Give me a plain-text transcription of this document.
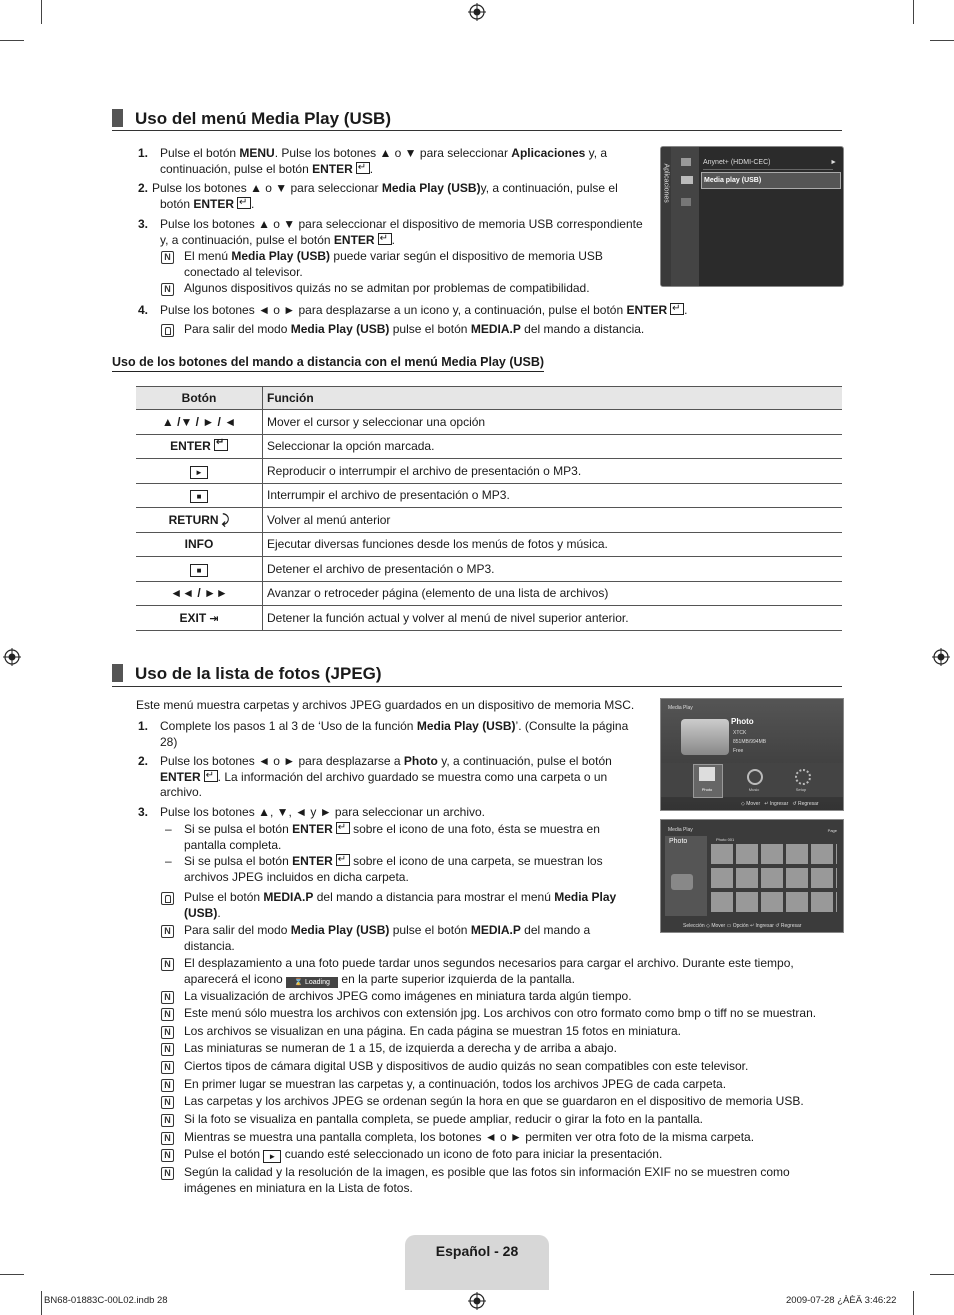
Uso del menú Media Play (USB)
1. Pulse el botón MENU. Pulse los botones ▲ o ▼ para seleccionar Aplicaciones y, a
continuación, pulse el botón ENTER ↵ .
2. Pulse los botones ▲ o ▼ para seleccionar Media Play (USB)y, a continuación, pulse el
botón ENTER ↵ .
3. Pulse los botones ▲ o ▼ para seleccionar el dispositivo de memoria USB correspondiente
y, a continuación, pulse el botón ENTER ↵ .
N El menú Media Play (USB) puede variar según el dispositivo de memoria USB
conectado al televisor.
N Algunos dispositivos quizás no se admitan por problemas de compatibilidad.
4. Pulse los botones ◄ o ► para desplazarse a un icono y, a continuación, pulse el botón ENTER ↵ .
Para salir del modo Media Play (USB) pulse el botón MEDIA.P del mando a distancia.
Aplicaciones
Anynet+ (HDMI-CEC)	►
Media play (USB)
Uso de los botones del mando a distancia con el menú Media Play (USB)
Botón	Función
▲ /▼ / ► / ◄	Mover el cursor y seleccionar una opción
ENTER↵	Seleccionar la opción marcada.
►	Reproducir o interrumpir el archivo de presentación o MP3.
■	Interrumpir el archivo de presentación o MP3.
RETURN ⤸	Volver al menú anterior
INFO	Ejecutar diversas funciones desde los menús de fotos y música.
■	Detener el archivo de presentación o MP3.
◄◄ / ►►	Avanzar o retroceder página (elemento de una lista de archivos)
EXIT ⇥	Detener la función actual y volver al menú de nivel superior anterior.
Uso de la lista de fotos (JPEG)
Este menú muestra carpetas y archivos JPEG guardados en un dispositivo de memoria MSC.
1. Complete los pasos 1 al 3 de ‘Uso de la función Media Play (USB)’. (Consulte la página
28)
2. Pulse los botones ◄ o ► para desplazarse a Photo y, a continuación, pulse el botón
ENTER ↵ . La información del archivo guardado se muestra como una carpeta o un
archivo.
3. Pulse los botones ▲, ▼, ◄ y ► para seleccionar un archivo.
– Si se pulsa el botón ENTER↵ sobre el icono de una foto, ésta se muestra en
pantalla completa.
– Si se pulsa el botón ENTER↵ sobre el icono de una carpeta, se muestran los
archivos JPEG incluidos en dicha carpeta.
Pulse el botón MEDIA.P del mando a distancia para mostrar el menú Media Play
(USB).
N Para salir del modo Media Play (USB) pulse el botón MEDIA.P del mando a
distancia.
N El desplazamiento a una foto puede tardar unos segundos necesarios para cargar el archivo. Durante este tiempo,
aparecerá el icono ⌛ Loading en la parte superior izquierda de la pantalla.
N La visualización de archivos JPEG como imágenes en miniatura tarda algún tiempo.
N Este menú sólo muestra los archivos con extensión jpg. Los archivos con otro formato como bmp o tiff no se muestran.
N Los archivos se visualizan en una página. En cada página se muestran 15 fotos en miniatura.
N Las miniaturas se numeran de 1 a 15, de izquierda a derecha y de arriba a abajo.
N Ciertos tipos de cámara digital USB y dispositivos de audio quizás no sean compatibles con este televisor.
N En primer lugar se muestran las carpetas y, a continuación, todos los archivos JPEG de cada carpeta.
N Las carpetas y los archivos JPEG se ordenan según la hora en que se guardaron en el dispositivo de memoria USB.
N Si la foto se visualiza en pantalla completa, se puede ampliar, reducir o girar la foto en la pantalla.
N Mientras se muestra una pantalla completa, los botones ◄ o ► permiten ver otra foto de la misma carpeta.
N Pulse el botón ► cuando esté seleccionado un icono de foto para iniciar la presentación.
N Según la calidad y la resolución de la imagen, es posible que las fotos sin información EXIF no se muestren como
imágenes en miniatura en la Lista de fotos.
Media Play
Photo
XTCK
851MB/994MB
Free
Photo	Music	Setup
◇ Mover   ↵ Ingresar   ↺ Regresar
Media Play	Page
Photo	Photo 001
Selección ◇ Mover ▭ Opción ↵ Ingresar ↺ Regresar
Español - 28
BN68-01883C-00L02.indb 28	2009-07-28 ¿ÀÈÄ 3:46:22
